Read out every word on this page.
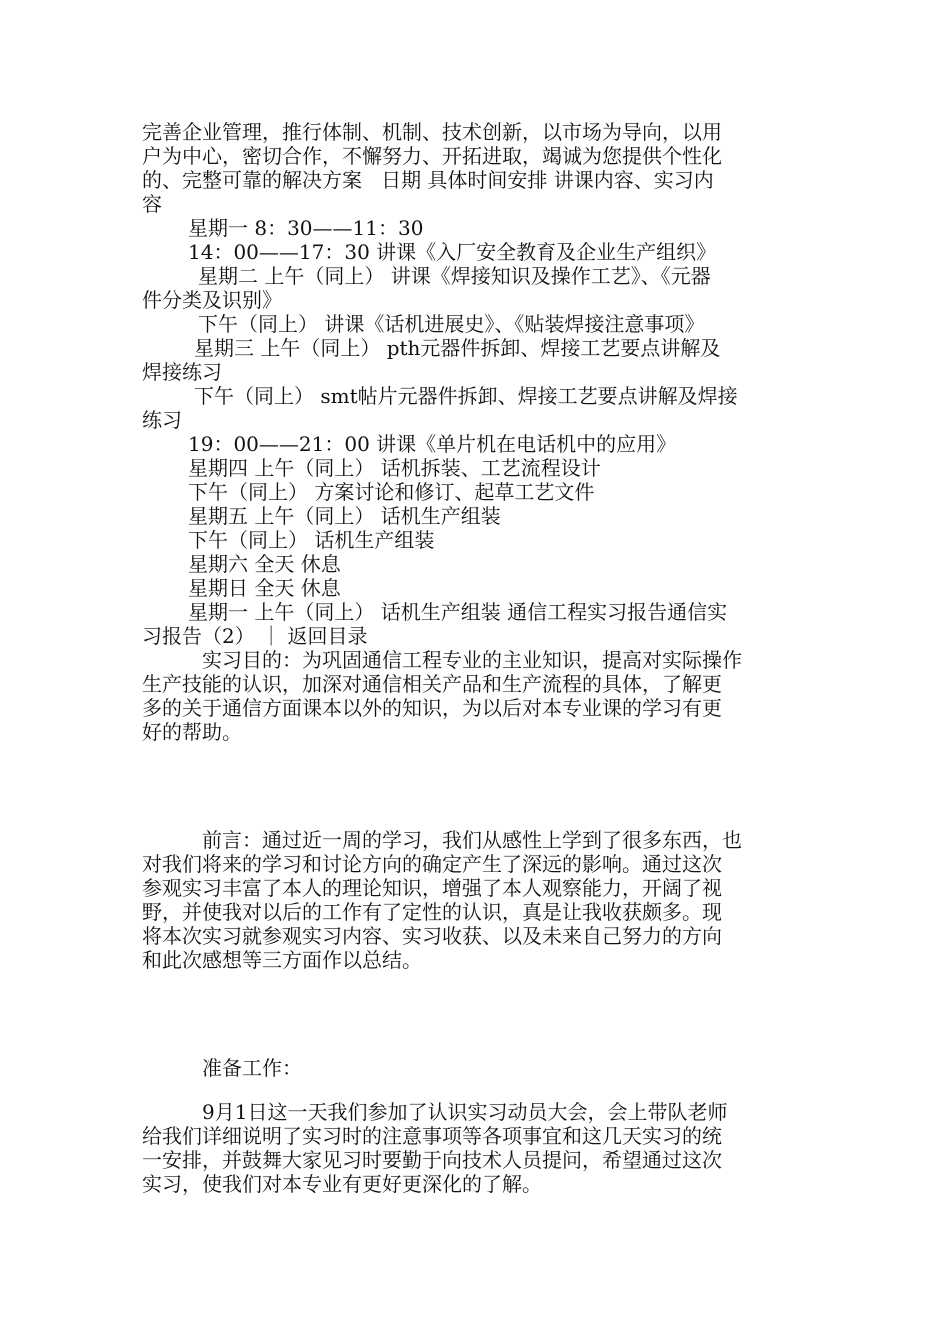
完善企业管理，推行体制、机制、技术创新，以市场为导向，以用

户为中心，密切合作，不懈努力、开拓进取，竭诚为您提供个性化

的、完整可靠的解决方案   日期 具体时间安排 讲课内容、实习内

容

星期一 8：30——11：30

14：00——17：30 讲课《入厂安全教育及企业生产组织》

星期二 上午（同上） 讲课《焊接知识及操作工艺》、《元器

件分类及识别》

下午（同上） 讲课《话机进展史》、《贴装焊接注意事项》

星期三 上午（同上） pth元器件拆卸、焊接工艺要点讲解及

焊接练习

下午（同上） smt帖片元器件拆卸、焊接工艺要点讲解及焊接

练习

19：00——21：00 讲课《单片机在电话机中的应用》

星期四 上午（同上） 话机拆装、工艺流程设计

下午（同上） 方案讨论和修订、起草工艺文件

星期五 上午（同上） 话机生产组装

下午（同上） 话机生产组装

星期六 全天 休息

星期日 全天 休息

星期一 上午（同上） 话机生产组装 通信工程实习报告通信实

习报告（2） ｜ 返回目录

实习目的：为巩固通信工程专业的主业知识，提高对实际操作

生产技能的认识，加深对通信相关产品和生产流程的具体，了解更

多的关于通信方面课本以外的知识，为以后对本专业课的学习有更

好的帮助。

前言：通过近一周的学习，我们从感性上学到了很多东西，也

对我们将来的学习和讨论方向的确定产生了深远的影响。通过这次

参观实习丰富了本人的理论知识，增强了本人观察能力，开阔了视

野，并使我对以后的工作有了定性的认识，真是让我收获颇多。现

将本次实习就参观实习内容、实习收获、以及未来自己努力的方向

和此次感想等三方面作以总结。

准备工作：

9月1日这一天我们参加了认识实习动员大会，会上带队老师

给我们详细说明了实习时的注意事项等各项事宜和这几天实习的统

一安排，并鼓舞大家见习时要勤于向技术人员提问，希望通过这次

实习，使我们对本专业有更好更深化的了解。
